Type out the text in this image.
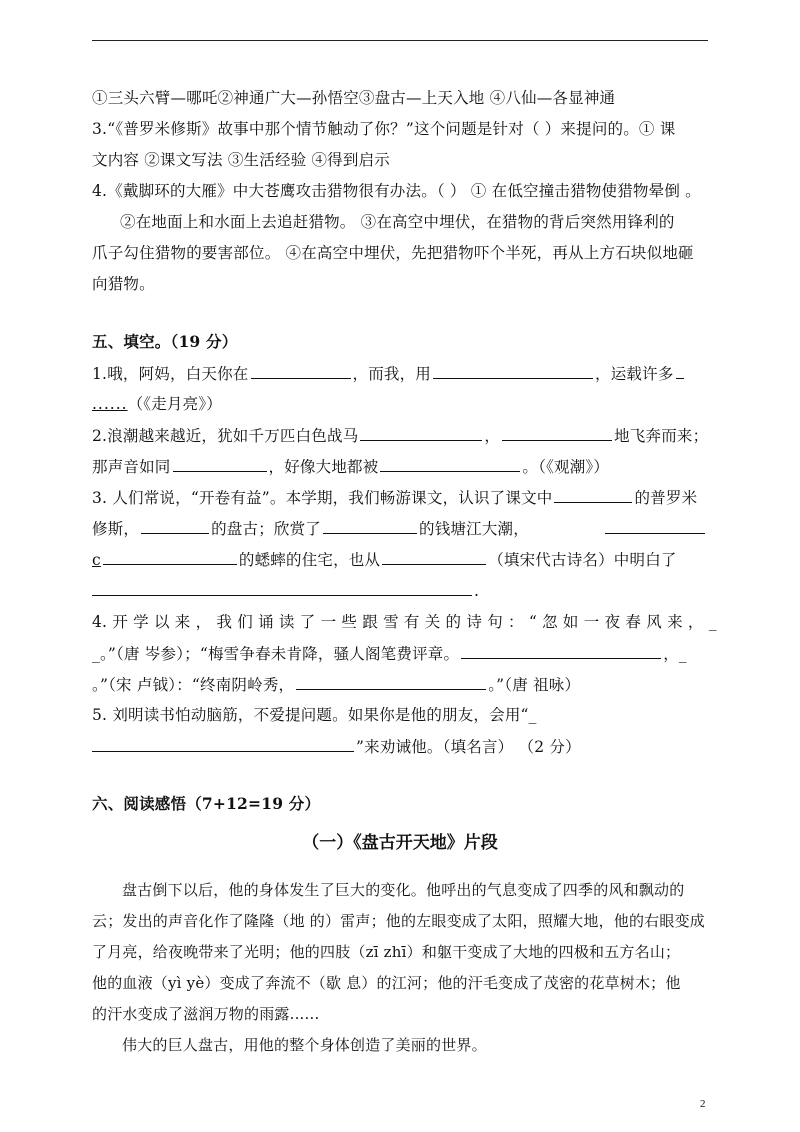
①三头六臂—哪吒②神通广大—孙悟空③盘古—上天入地 ④八仙—各显神通
3.“《普罗米修斯》故事中那个情节触动了你？”这个问题是针对（ ）来提问的。① 课
文内容 ②课文写法 ③生活经验 ④得到启示
4.《戴脚环的大雁》中大苍鹰攻击猎物很有办法。（ ） ① 在低空撞击猎物使猎物晕倒 。
②在地面上和水面上去追赶猎物。 ③在高空中埋伏，在猎物的背后突然用锋利的
爪子勾住猎物的要害部位。 ④在高空中埋伏，先把猎物吓个半死，再从上方石块似地砸
向猎物。
五、填空。（19 分）
1.哦，阿妈，白天你在	，而我，用	，运载许多
......（《走月亮》）
2.浪潮越来越近，犹如千万匹白色战马	，	地飞奔而来；
那声音如同	，好像大地都被	。（《观潮》）
3. 人们常说，“开卷有益”。本学期，我们畅游课文，认识了课文中	的普罗米
修斯，	的盘古；欣赏了	的钱塘江大潮，
c	的蟋蟀的住宅，也从	（填宋代古诗名）中明白了
.
4. 开 学 以 来 ， 我 们 诵 读 了 一 些 跟 雪 有 关 的 诗 句 ： “ 忽 如 一 夜 春 风 来 ， _
_。”（唐 岑参）；“梅雪争春未肯降，骚人阁笔费评章。	，_
。”（宋 卢钺）：“终南阴岭秀，	。”（唐 祖咏）
5. 刘明读书怕动脑筋，不爱提问题。如果你是他的朋友，会用“_
”来劝诫他。（填名言） （2 分）
六、阅读感悟（7+12=19 分）
（一）《盘古开天地》片段
盘古倒下以后，他的身体发生了巨大的变化。他呼出的气息变成了四季的风和飘动的
云；发出的声音化作了隆隆（地 的）雷声；他的左眼变成了太阳，照耀大地，他的右眼变成
了月亮，给夜晚带来了光明；他的四肢（zī zhī）和躯干变成了大地的四极和五方名山；
他的血液（yì yè）变成了奔流不（歇 息）的江河；他的汗毛变成了茂密的花草树木；他
的汗水变成了滋润万物的雨露......
伟大的巨人盘古，用他的整个身体创造了美丽的世界。
2
